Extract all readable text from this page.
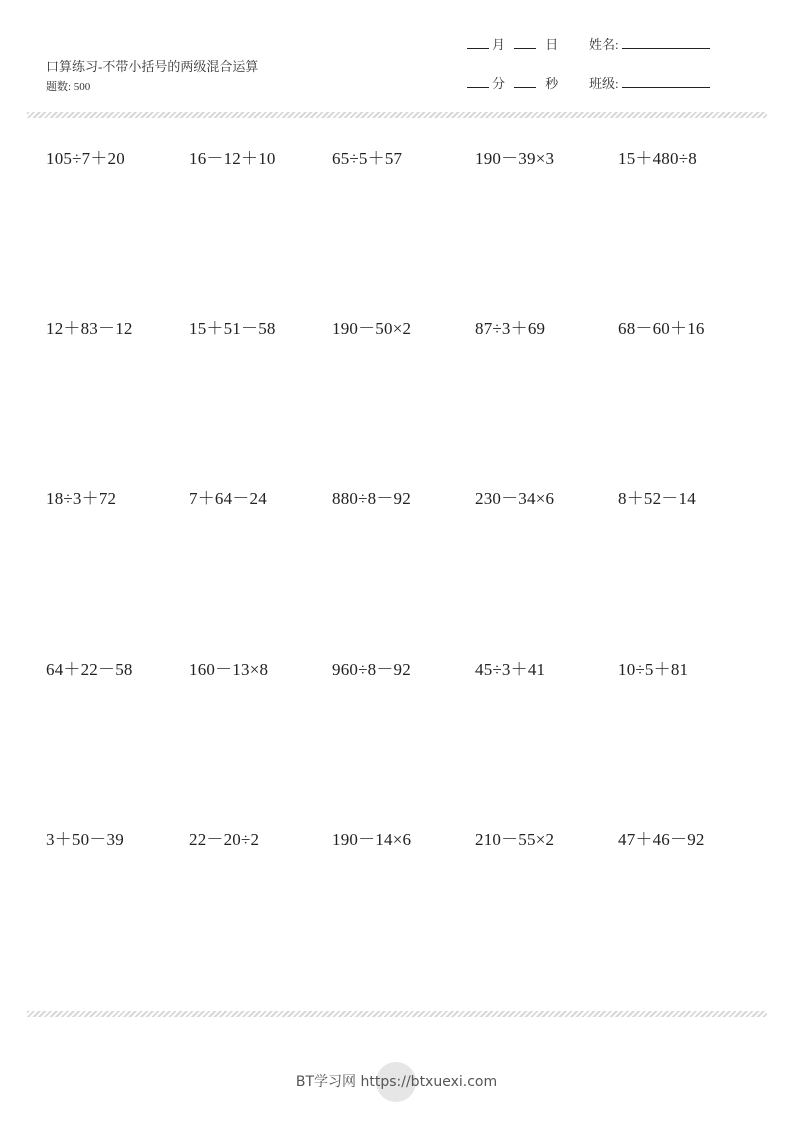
口算练习-不带小括号的两级混合运算
题数: 500
月	日
分	秒
姓名:
班级:
105÷7＋20	16－12＋10	65÷5＋57	190－39×3	15＋480÷8
12＋83－12	15＋51－58	190－50×2	87÷3＋69	68－60＋16
18÷3＋72	7＋64－24	880÷8－92	230－34×6	8＋52－14
64＋22－58	160－13×8	960÷8－92	45÷3＋41	10÷5＋81
3＋50－39	22－20÷2	190－14×6	210－55×2	47＋46－92
BT学习网 https://btxuexi.com
